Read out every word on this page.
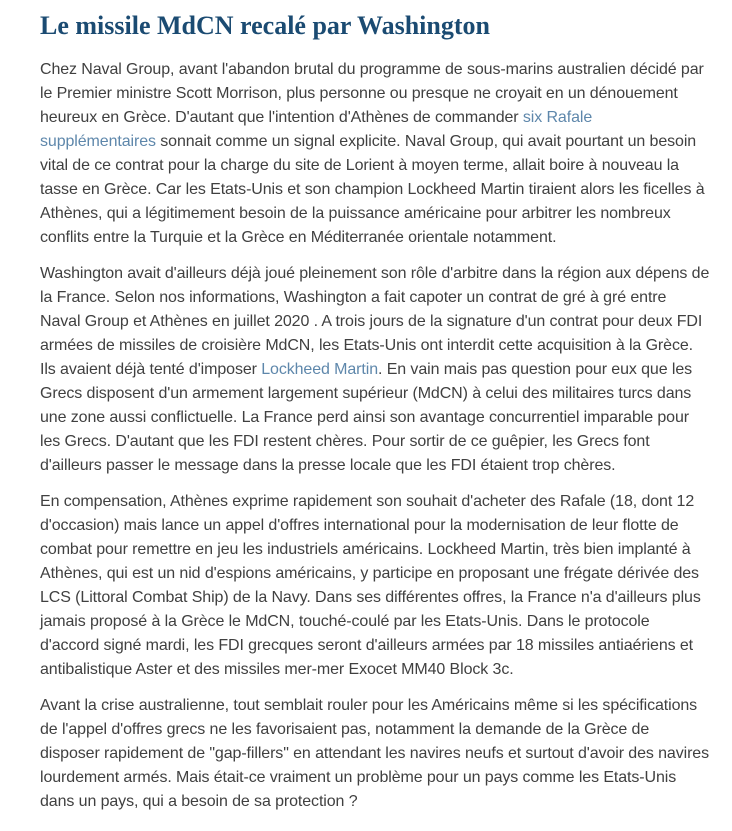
Le missile MdCN recalé par Washington

Chez Naval Group, avant l'abandon brutal du programme de sous-marins australien décidé par le Premier ministre Scott Morrison, plus personne ou presque ne croyait en un dénouement heureux en Grèce. D'autant que l'intention d'Athènes de commander six Rafale supplémentaires sonnait comme un signal explicite. Naval Group, qui avait pourtant un besoin vital de ce contrat pour la charge du site de Lorient à moyen terme, allait boire à nouveau la tasse en Grèce. Car les Etats-Unis et son champion Lockheed Martin tiraient alors les ficelles à Athènes, qui a légitimement besoin de la puissance américaine pour arbitrer les nombreux conflits entre la Turquie et la Grèce en Méditerranée orientale notamment.

Washington avait d'ailleurs déjà joué pleinement son rôle d'arbitre dans la région aux dépens de la France. Selon nos informations, Washington a fait capoter un contrat de gré à gré entre Naval Group et Athènes en juillet 2020 . A trois jours de la signature d'un contrat pour deux FDI armées de missiles de croisière MdCN, les Etats-Unis ont interdit cette acquisition à la Grèce. Ils avaient déjà tenté d'imposer Lockheed Martin. En vain mais pas question pour eux que les Grecs disposent d'un armement largement supérieur (MdCN) à celui des militaires turcs dans une zone aussi conflictuelle. La France perd ainsi son avantage concurrentiel imparable pour les Grecs. D'autant que les FDI restent chères. Pour sortir de ce guêpier, les Grecs font d'ailleurs passer le message dans la presse locale que les FDI étaient trop chères.

En compensation, Athènes exprime rapidement son souhait d'acheter des Rafale (18, dont 12 d'occasion) mais lance un appel d'offres international pour la modernisation de leur flotte de combat pour remettre en jeu les industriels américains. Lockheed Martin, très bien implanté à Athènes, qui est un nid d'espions américains, y participe en proposant une frégate dérivée des LCS (Littoral Combat Ship) de la Navy. Dans ses différentes offres, la France n'a d'ailleurs plus jamais proposé à la Grèce le MdCN, touché-coulé par les Etats-Unis. Dans le protocole d'accord signé mardi, les FDI grecques seront d'ailleurs armées par 18 missiles antiaériens et antibalistique Aster et des missiles mer-mer Exocet MM40 Block 3c.

Avant la crise australienne, tout semblait rouler pour les Américains même si les spécifications de l'appel d'offres grecs ne les favorisaient pas, notamment la demande de la Grèce de disposer rapidement de "gap-fillers" en attendant les navires neufs et surtout d'avoir des navires lourdement armés. Mais était-ce vraiment un problème pour un pays comme les Etats-Unis dans un pays, qui a besoin de sa protection ?
